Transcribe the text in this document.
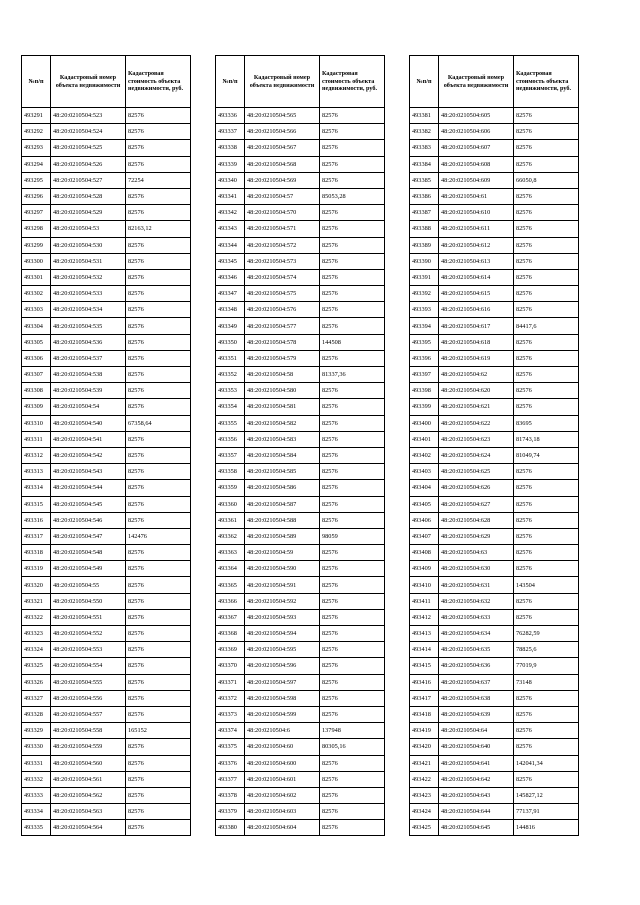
№п/п	Кадастровый номер объекта недвижимости	Кадастровая стоимость объекта недвижимости, руб.
493291	48:20:0210504:523	82576
493292	48:20:0210504:524	82576
493293	48:20:0210504:525	82576
493294	48:20:0210504:526	82576
493295	48:20:0210504:527	72254
493296	48:20:0210504:528	82576
493297	48:20:0210504:529	82576
493298	48:20:0210504:53	82163,12
493299	48:20:0210504:530	82576
493300	48:20:0210504:531	82576
493301	48:20:0210504:532	82576
493302	48:20:0210504:533	82576
493303	48:20:0210504:534	82576
493304	48:20:0210504:535	82576
493305	48:20:0210504:536	82576
493306	48:20:0210504:537	82576
493307	48:20:0210504:538	82576
493308	48:20:0210504:539	82576
493309	48:20:0210504:54	82576
493310	48:20:0210504:540	67358,64
493311	48:20:0210504:541	82576
493312	48:20:0210504:542	82576
493313	48:20:0210504:543	82576
493314	48:20:0210504:544	82576
493315	48:20:0210504:545	82576
493316	48:20:0210504:546	82576
493317	48:20:0210504:547	142476
493318	48:20:0210504:548	82576
493319	48:20:0210504:549	82576
493320	48:20:0210504:55	82576
493321	48:20:0210504:550	82576
493322	48:20:0210504:551	82576
493323	48:20:0210504:552	82576
493324	48:20:0210504:553	82576
493325	48:20:0210504:554	82576
493326	48:20:0210504:555	82576
493327	48:20:0210504:556	82576
493328	48:20:0210504:557	82576
493329	48:20:0210504:558	165152
493330	48:20:0210504:559	82576
493331	48:20:0210504:560	82576
493332	48:20:0210504:561	82576
493333	48:20:0210504:562	82576
493334	48:20:0210504:563	82576
493335	48:20:0210504:564	82576
№п/п	Кадастровый номер объекта недвижимости	Кадастровая стоимость объекта недвижимости, руб.
493336	48:20:0210504:565	82576
493337	48:20:0210504:566	82576
493338	48:20:0210504:567	82576
493339	48:20:0210504:568	82576
493340	48:20:0210504:569	82576
493341	48:20:0210504:57	85053,28
493342	48:20:0210504:570	82576
493343	48:20:0210504:571	82576
493344	48:20:0210504:572	82576
493345	48:20:0210504:573	82576
493346	48:20:0210504:574	82576
493347	48:20:0210504:575	82576
493348	48:20:0210504:576	82576
493349	48:20:0210504:577	82576
493350	48:20:0210504:578	144508
493351	48:20:0210504:579	82576
493352	48:20:0210504:58	81337,36
493353	48:20:0210504:580	82576
493354	48:20:0210504:581	82576
493355	48:20:0210504:582	82576
493356	48:20:0210504:583	82576
493357	48:20:0210504:584	82576
493358	48:20:0210504:585	82576
493359	48:20:0210504:586	82576
493360	48:20:0210504:587	82576
493361	48:20:0210504:588	82576
493362	48:20:0210504:589	98059
493363	48:20:0210504:59	82576
493364	48:20:0210504:590	82576
493365	48:20:0210504:591	82576
493366	48:20:0210504:592	82576
493367	48:20:0210504:593	82576
493368	48:20:0210504:594	82576
493369	48:20:0210504:595	82576
493370	48:20:0210504:596	82576
493371	48:20:0210504:597	82576
493372	48:20:0210504:598	82576
493373	48:20:0210504:599	82576
493374	48:20:0210504:6	137948
493375	48:20:0210504:60	80305,16
493376	48:20:0210504:600	82576
493377	48:20:0210504:601	82576
493378	48:20:0210504:602	82576
493379	48:20:0210504:603	82576
493380	48:20:0210504:604	82576
№п/п	Кадастровый номер объекта недвижимости	Кадастровая стоимость объекта недвижимости, руб.
493381	48:20:0210504:605	82576
493382	48:20:0210504:606	82576
493383	48:20:0210504:607	82576
493384	48:20:0210504:608	82576
493385	48:20:0210504:609	66050,8
493386	48:20:0210504:61	82576
493387	48:20:0210504:610	82576
493388	48:20:0210504:611	82576
493389	48:20:0210504:612	82576
493390	48:20:0210504:613	82576
493391	48:20:0210504:614	82576
493392	48:20:0210504:615	82576
493393	48:20:0210504:616	82576
493394	48:20:0210504:617	84417,6
493395	48:20:0210504:618	82576
493396	48:20:0210504:619	82576
493397	48:20:0210504:62	82576
493398	48:20:0210504:620	82576
493399	48:20:0210504:621	82576
493400	48:20:0210504:622	83695
493401	48:20:0210504:623	81743,18
493402	48:20:0210504:624	81049,74
493403	48:20:0210504:625	82576
493404	48:20:0210504:626	82576
493405	48:20:0210504:627	82576
493406	48:20:0210504:628	82576
493407	48:20:0210504:629	82576
493408	48:20:0210504:63	82576
493409	48:20:0210504:630	82576
493410	48:20:0210504:631	143504
493411	48:20:0210504:632	82576
493412	48:20:0210504:633	82576
493413	48:20:0210504:634	76282,59
493414	48:20:0210504:635	78825,6
493415	48:20:0210504:636	77019,9
493416	48:20:0210504:637	73148
493417	48:20:0210504:638	82576
493418	48:20:0210504:639	82576
493419	48:20:0210504:64	82576
493420	48:20:0210504:640	82576
493421	48:20:0210504:641	142041,34
493422	48:20:0210504:642	82576
493423	48:20:0210504:643	145827,12
493424	48:20:0210504:644	77137,91
493425	48:20:0210504:645	144816
